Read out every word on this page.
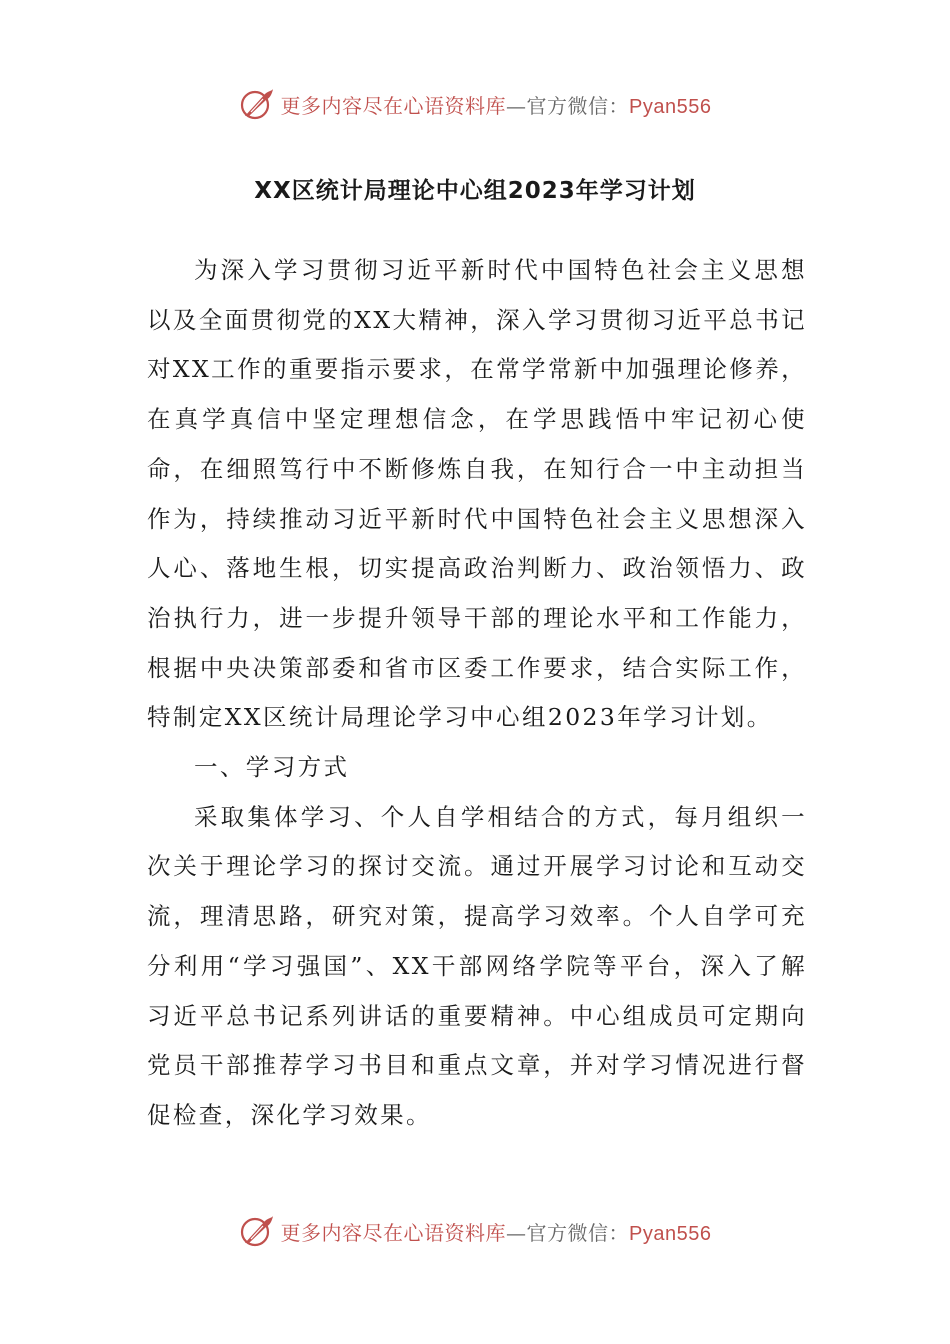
更多内容尽在心语资料库—官方微信：Pyan556
XX区统计局理论中心组2023年学习计划

为深入学习贯彻习近平新时代中国特色社会主义思想以及全面贯彻党的XX大精神，深入学习贯彻习近平总书记对XX工作的重要指示要求，在常学常新中加强理论修养，在真学真信中坚定理想信念，在学思践悟中牢记初心使命，在细照笃行中不断修炼自我，在知行合一中主动担当作为，持续推动习近平新时代中国特色社会主义思想深入人心、落地生根，切实提高政治判断力、政治领悟力、政治执行力，进一步提升领导干部的理论水平和工作能力，根据中央决策部委和省市区委工作要求，结合实际工作，特制定XX区统计局理论学习中心组2023年学习计划。

一、学习方式

采取集体学习、个人自学相结合的方式，每月组织一次关于理论学习的探讨交流。通过开展学习讨论和互动交流，理清思路，研究对策，提高学习效率。个人自学可充分利用“学习强国”、XX干部网络学院等平台，深入了解习近平总书记系列讲话的重要精神。中心组成员可定期向党员干部推荐学习书目和重点文章，并对学习情况进行督促检查，深化学习效果。

更多内容尽在心语资料库—官方微信：Pyan556
